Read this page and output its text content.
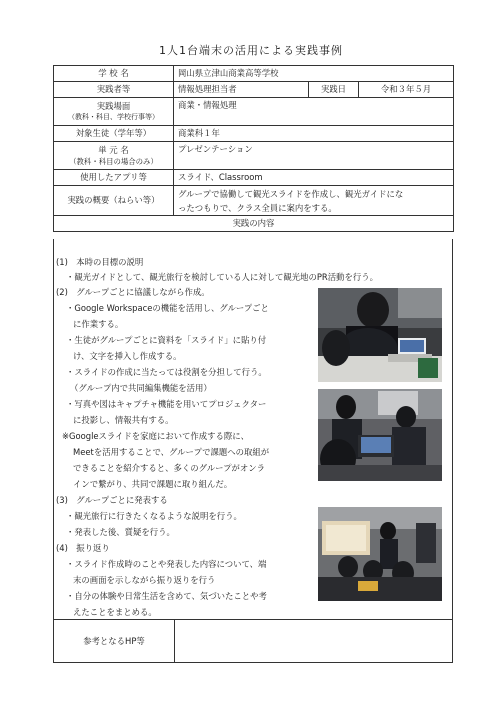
1人1台端末の活用による実践事例
学 校 名	岡山県立津山商業高等学校		
実践者等	情報処理担当者	実践日	令和３年５月

実践場面
（教科・科目、学校行事等）	商業・情報処理		
対象生徒（学年等）	商業科１年		

単 元 名
（教科・科目の場合のみ）	プレゼンテーション		
使用したアプリ等	スライド、Classroom		
実践の概要（ねらい等）	グループで協働して観光スライドを作成し、観光ガイドにな
ったつもりで、クラス全員に案内をする。		

実践の内容			
(1)　本時の目標の説明
・観光ガイドとして、観光旅行を検討している人に対して観光地のPR活動を行う。
(2)　グループごとに協議しながら作成。
・Google Workspaceの機能を活用し、グループごと
に作業する。
・生徒がグループごとに資料を「スライド」に貼り付
け、文字を挿入し作成する。
・スライドの作成に当たっては役割を分担して行う。
（グループ内で共同編集機能を活用）
・写真や図はキャプチャ機能を用いてプロジェクター
に投影し、情報共有する。
※Googleスライドを家庭において作成する際に、
Meetを活用することで、グループで課題への取組が
できることを紹介すると、多くのグループがオンラ
インで繋がり、共同で課題に取り組んだ。
(3)　グループごとに発表する
・観光旅行に行きたくなるような説明を行う。
・発表した後、質疑を行う。
(4)　振り返り
・スライド作成時のことや発表した内容について、端
末の画面を示しながら振り返りを行う
・自分の体験や日常生活を含めて、気づいたことや考
えたことをまとめる。
参考となるHP等
